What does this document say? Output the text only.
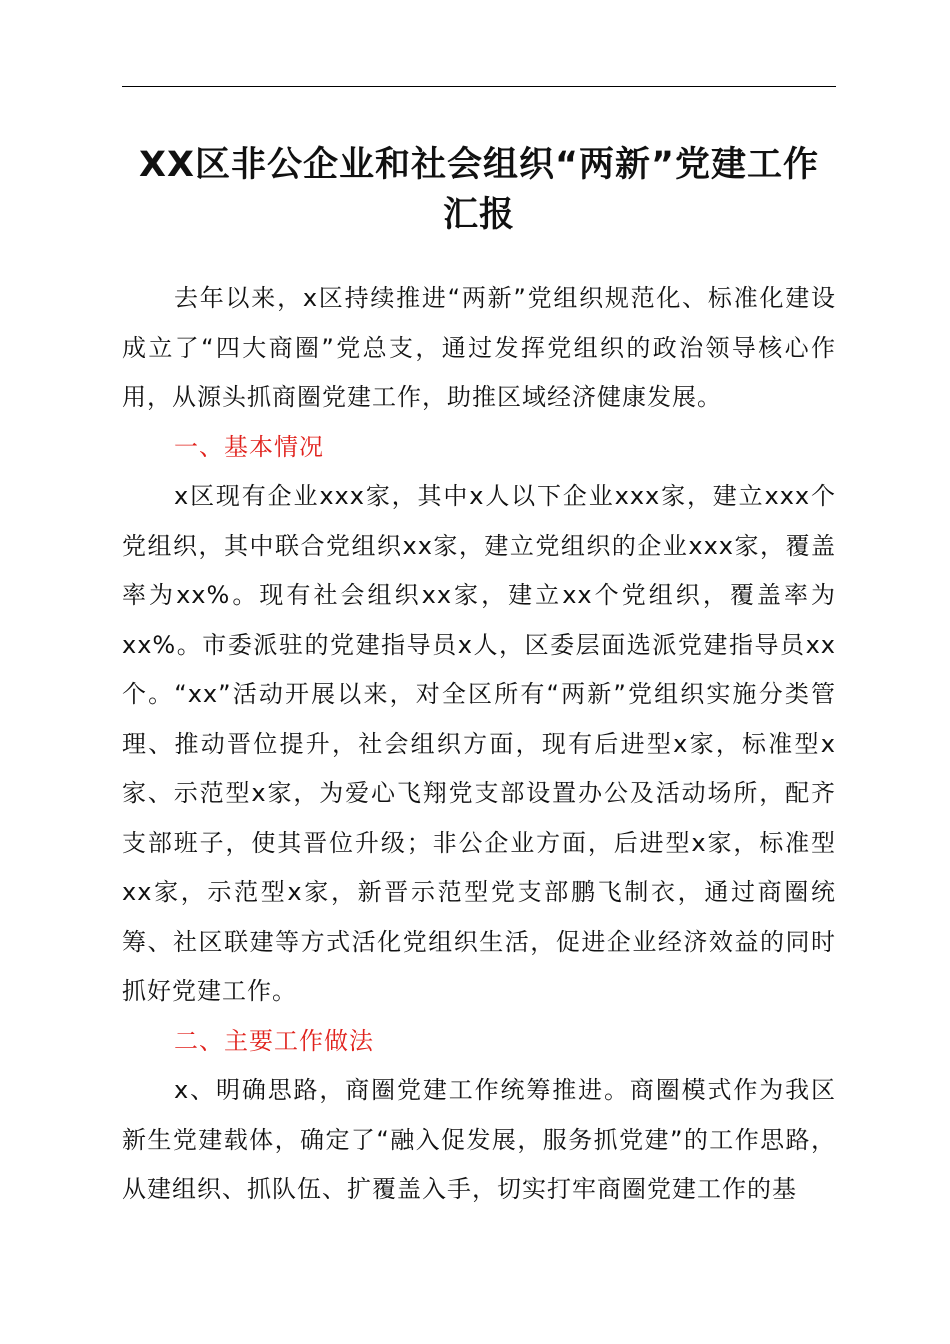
XX区非公企业和社会组织“两新”党建工作汇报

去年以来，x区持续推进“两新”党组织规范化、标准化建设成立了“四大商圈”党总支，通过发挥党组织的政治领导核心作用，从源头抓商圈党建工作，助推区域经济健康发展。

一、基本情况

x区现有企业xxx家，其中x人以下企业xxx家，建立xxx个党组织，其中联合党组织xx家，建立党组织的企业xxx家，覆盖率为xx%。现有社会组织xx家，建立xx个党组织，覆盖率为xx%。市委派驻的党建指导员x人，区委层面选派党建指导员xx个。“xx”活动开展以来，对全区所有“两新”党组织实施分类管理、推动晋位提升，社会组织方面，现有后进型x家，标准型x家、示范型x家，为爱心飞翔党支部设置办公及活动场所，配齐支部班子，使其晋位升级；非公企业方面，后进型x家，标准型xx家，示范型x家，新晋示范型党支部鹏飞制衣，通过商圈统筹、社区联建等方式活化党组织生活，促进企业经济效益的同时抓好党建工作。

二、主要工作做法

x、明确思路，商圈党建工作统筹推进。商圈模式作为我区新生党建载体，确定了“融入促发展，服务抓党建”的工作思路，从建组织、抓队伍、扩覆盖入手，切实打牢商圈党建工作的基
